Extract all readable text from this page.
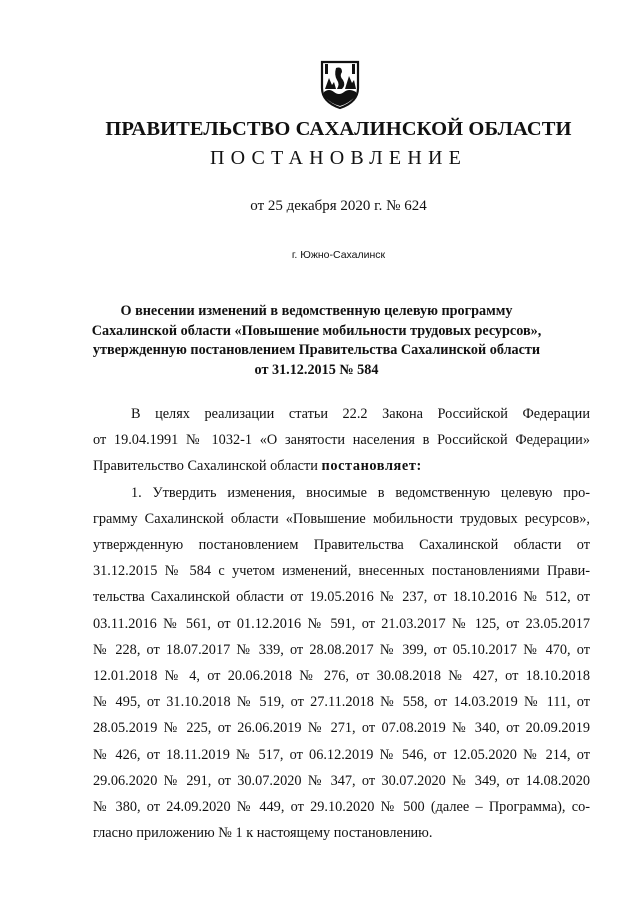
ПРАВИТЕЛЬСТВО САХАЛИНСКОЙ ОБЛАСТИ
ПОСТАНОВЛЕНИЕ
от 25 декабря 2020 г. № 624
г. Южно-Сахалинск
О внесении изменений в ведомственную целевую программу
Сахалинской области «Повышение мобильности трудовых ресурсов»,
утвержденную постановлением Правительства Сахалинской области
от 31.12.2015 № 584
В целях реализации статьи 22.2 Закона Российской Федерации
от 19.04.1991 № 1032-1 «О занятости населения в Российской Федерации»
Правительство Сахалинской области постановляет:
1. Утвердить изменения, вносимые в ведомственную целевую про-
грамму Сахалинской области «Повышение мобильности трудовых ресурсов»,
утвержденную постановлением Правительства Сахалинской области от
31.12.2015 № 584 с учетом изменений, внесенных постановлениями Прави-
тельства Сахалинской области от 19.05.2016 № 237, от 18.10.2016 № 512, от
03.11.2016 № 561, от 01.12.2016 № 591, от 21.03.2017 № 125, от 23.05.2017
№ 228, от 18.07.2017 № 339, от 28.08.2017 № 399, от 05.10.2017 № 470, от
12.01.2018 № 4, от 20.06.2018 № 276, от 30.08.2018 № 427, от 18.10.2018
№ 495, от 31.10.2018 № 519, от 27.11.2018 № 558, от 14.03.2019 № 111, от
28.05.2019 № 225, от 26.06.2019 № 271, от 07.08.2019 № 340, от 20.09.2019
№ 426, от 18.11.2019 № 517, от 06.12.2019 № 546, от 12.05.2020 № 214, от
29.06.2020 № 291, от 30.07.2020 № 347, от 30.07.2020 № 349, от 14.08.2020
№ 380, от 24.09.2020 № 449, от 29.10.2020 № 500 (далее – Программа), со-
гласно приложению № 1 к настоящему постановлению.
